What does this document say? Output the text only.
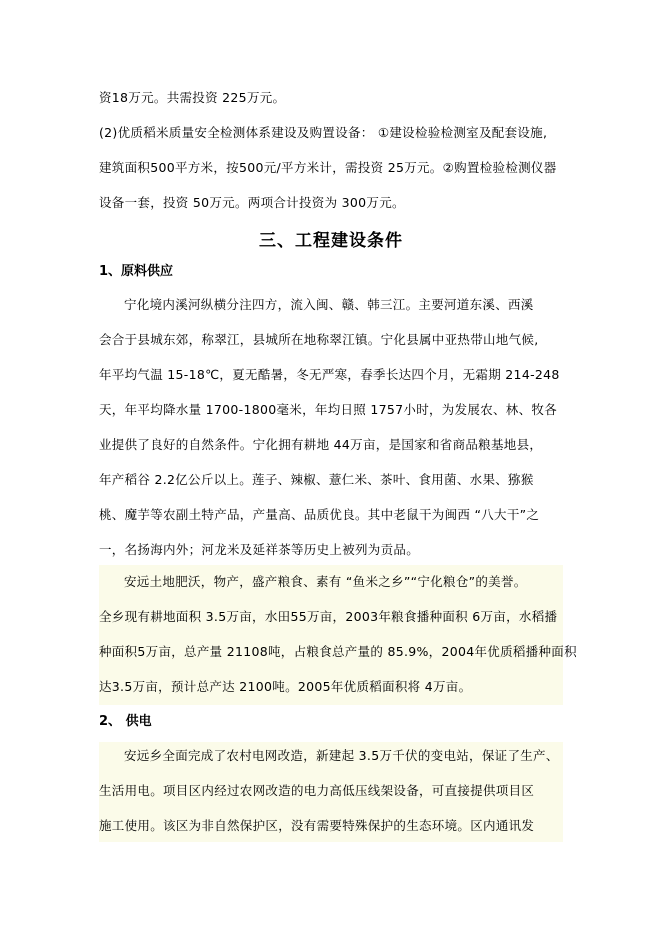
资18万元。共需投资 225万元。
(2)优质稻米质量安全检测体系建设及购置设备： ①建设检验检测室及配套设施,
建筑面积500平方米，按500元/平方米计，需投资 25万元。②购置检验检测仪器
设备一套，投资 50万元。两项合计投资为 300万元。
三、工程建设条件
1、原料供应
宁化境内溪河纵横分注四方，流入闽、赣、韩三江。主要河道东溪、西溪
会合于县城东郊，称翠江，县城所在地称翠江镇。宁化县属中亚热带山地气候,
年平均气温 15-18℃，夏无酷暑，冬无严寒，春季长达四个月，无霜期 214-248
天，年平均降水量 1700-1800毫米，年均日照 1757小时，为发展农、林、牧各
业提供了良好的自然条件。宁化拥有耕地 44万亩，是国家和省商品粮基地县，
年产稻谷 2.2亿公斤以上。莲子、辣椒、薏仁米、茶叶、食用菌、水果、猕猴
桃、魔芋等农副土特产品，产量高、品质优良。其中老鼠干为闽西 “八大干”之
一，名扬海内外；河龙米及延祥茶等历史上被列为贡品。
安远土地肥沃，物产，盛产粮食、素有 “鱼米之乡”“宁化粮仓”的美誉。
全乡现有耕地面积 3.5万亩，水田55万亩，2003年粮食播种面积 6万亩，水稻播
种面积5万亩，总产量 21108吨，占粮食总产量的 85.9%，2004年优质稻播种面积
达3.5万亩，预计总产达 2100吨。2005年优质稻面积将 4万亩。
2、 供电
安远乡全面完成了农村电网改造，新建起 3.5万千伏的变电站，保证了生产、
生活用电。项目区内经过农网改造的电力高低压线架设备，可直接提供项目区
施工使用。该区为非自然保护区，没有需要特殊保护的生态环境。区内通讯发
